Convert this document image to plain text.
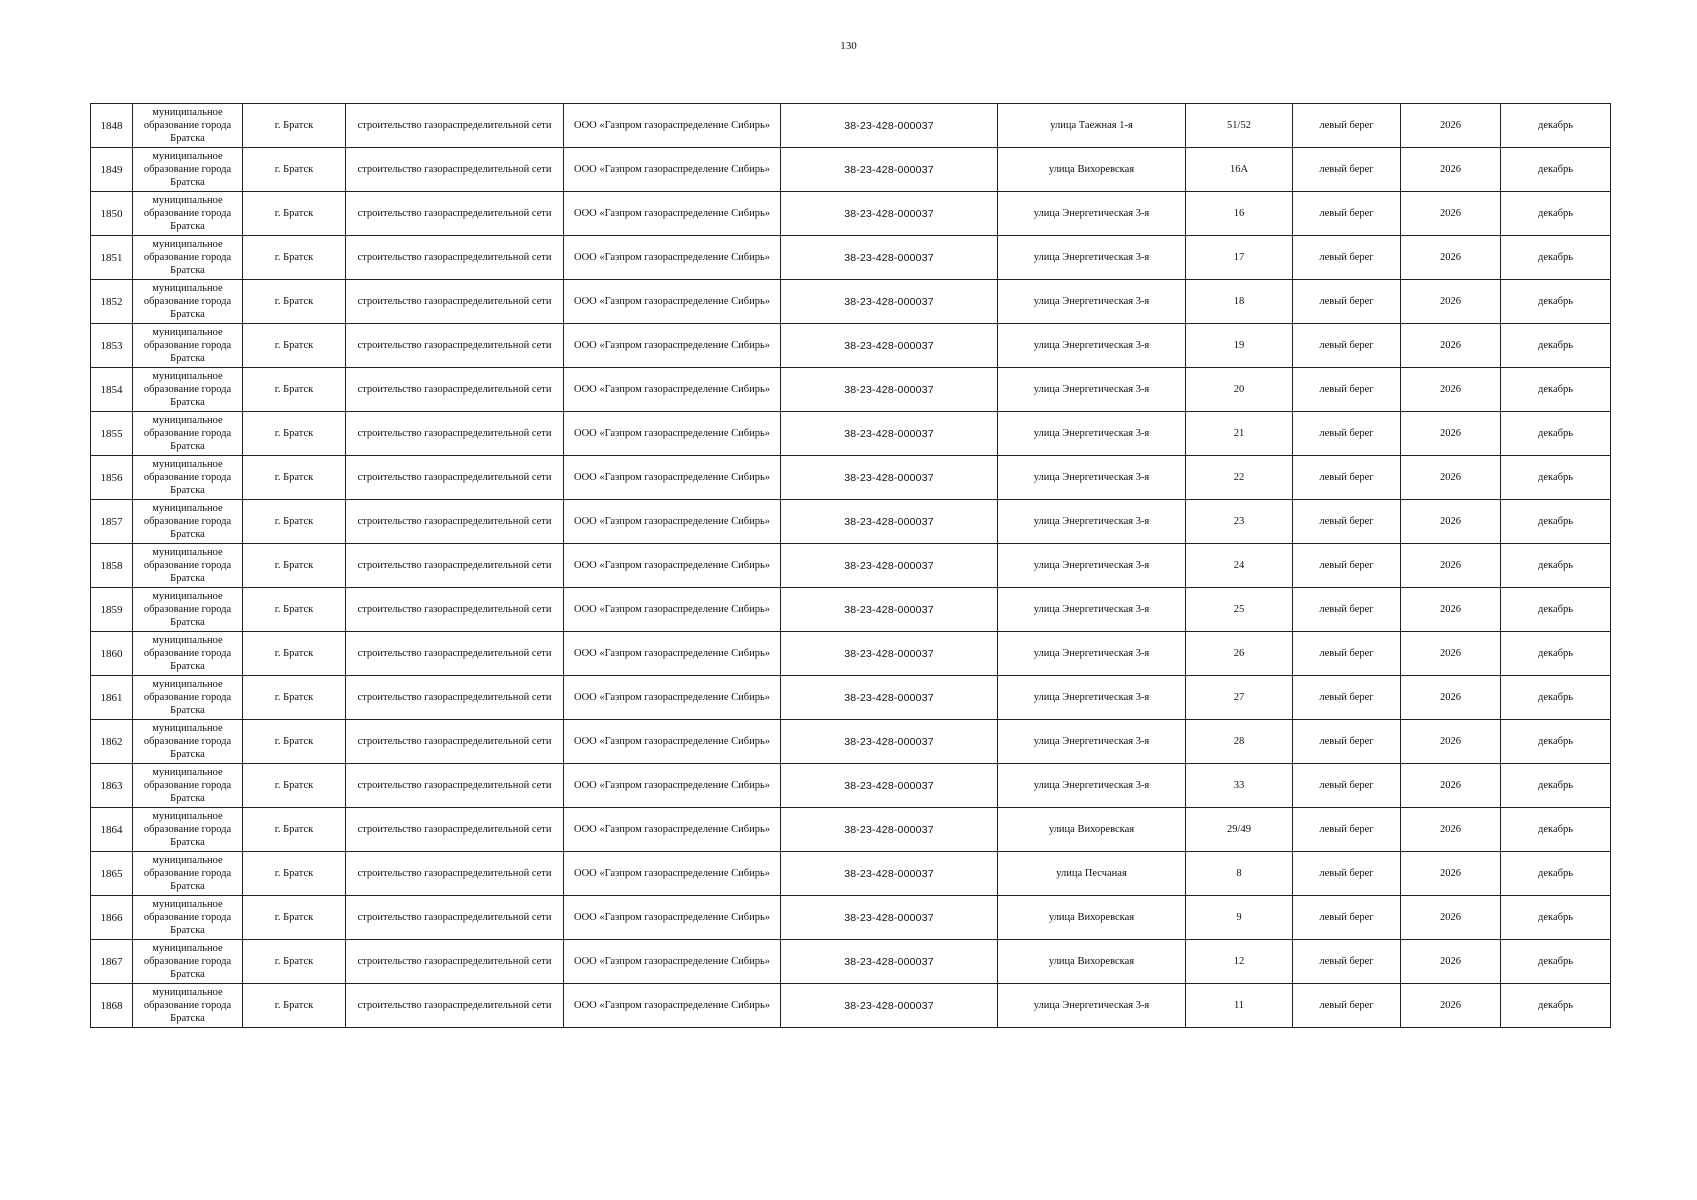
130
1848	муниципальное образование города Братска	г. Братск	строительство газораспределительной сети	ООО «Газпром газораспределение Сибирь»	38-23-428-000037	улица Таежная 1-я	51/52	левый берег	2026	декабрь
1849	муниципальное образование города Братска	г. Братск	строительство газораспределительной сети	ООО «Газпром газораспределение Сибирь»	38-23-428-000037	улица Вихоревская	16А	левый берег	2026	декабрь
1850	муниципальное образование города Братска	г. Братск	строительство газораспределительной сети	ООО «Газпром газораспределение Сибирь»	38-23-428-000037	улица Энергетическая 3-я	16	левый берег	2026	декабрь
1851	муниципальное образование города Братска	г. Братск	строительство газораспределительной сети	ООО «Газпром газораспределение Сибирь»	38-23-428-000037	улица Энергетическая 3-я	17	левый берег	2026	декабрь
1852	муниципальное образование города Братска	г. Братск	строительство газораспределительной сети	ООО «Газпром газораспределение Сибирь»	38-23-428-000037	улица Энергетическая 3-я	18	левый берег	2026	декабрь
1853	муниципальное образование города Братска	г. Братск	строительство газораспределительной сети	ООО «Газпром газораспределение Сибирь»	38-23-428-000037	улица Энергетическая 3-я	19	левый берег	2026	декабрь
1854	муниципальное образование города Братска	г. Братск	строительство газораспределительной сети	ООО «Газпром газораспределение Сибирь»	38-23-428-000037	улица Энергетическая 3-я	20	левый берег	2026	декабрь
1855	муниципальное образование города Братска	г. Братск	строительство газораспределительной сети	ООО «Газпром газораспределение Сибирь»	38-23-428-000037	улица Энергетическая 3-я	21	левый берег	2026	декабрь
1856	муниципальное образование города Братска	г. Братск	строительство газораспределительной сети	ООО «Газпром газораспределение Сибирь»	38-23-428-000037	улица Энергетическая 3-я	22	левый берег	2026	декабрь
1857	муниципальное образование города Братска	г. Братск	строительство газораспределительной сети	ООО «Газпром газораспределение Сибирь»	38-23-428-000037	улица Энергетическая 3-я	23	левый берег	2026	декабрь
1858	муниципальное образование города Братска	г. Братск	строительство газораспределительной сети	ООО «Газпром газораспределение Сибирь»	38-23-428-000037	улица Энергетическая 3-я	24	левый берег	2026	декабрь
1859	муниципальное образование города Братска	г. Братск	строительство газораспределительной сети	ООО «Газпром газораспределение Сибирь»	38-23-428-000037	улица Энергетическая 3-я	25	левый берег	2026	декабрь
1860	муниципальное образование города Братска	г. Братск	строительство газораспределительной сети	ООО «Газпром газораспределение Сибирь»	38-23-428-000037	улица Энергетическая 3-я	26	левый берег	2026	декабрь
1861	муниципальное образование города Братска	г. Братск	строительство газораспределительной сети	ООО «Газпром газораспределение Сибирь»	38-23-428-000037	улица Энергетическая 3-я	27	левый берег	2026	декабрь
1862	муниципальное образование города Братска	г. Братск	строительство газораспределительной сети	ООО «Газпром газораспределение Сибирь»	38-23-428-000037	улица Энергетическая 3-я	28	левый берег	2026	декабрь
1863	муниципальное образование города Братска	г. Братск	строительство газораспределительной сети	ООО «Газпром газораспределение Сибирь»	38-23-428-000037	улица Энергетическая 3-я	33	левый берег	2026	декабрь
1864	муниципальное образование города Братска	г. Братск	строительство газораспределительной сети	ООО «Газпром газораспределение Сибирь»	38-23-428-000037	улица Вихоревская	29/49	левый берег	2026	декабрь
1865	муниципальное образование города Братска	г. Братск	строительство газораспределительной сети	ООО «Газпром газораспределение Сибирь»	38-23-428-000037	улица Песчаная	8	левый берег	2026	декабрь
1866	муниципальное образование города Братска	г. Братск	строительство газораспределительной сети	ООО «Газпром газораспределение Сибирь»	38-23-428-000037	улица Вихоревская	9	левый берег	2026	декабрь
1867	муниципальное образование города Братска	г. Братск	строительство газораспределительной сети	ООО «Газпром газораспределение Сибирь»	38-23-428-000037	улица Вихоревская	12	левый берег	2026	декабрь
1868	муниципальное образование города Братска	г. Братск	строительство газораспределительной сети	ООО «Газпром газораспределение Сибирь»	38-23-428-000037	улица Энергетическая 3-я	11	левый берег	2026	декабрь
